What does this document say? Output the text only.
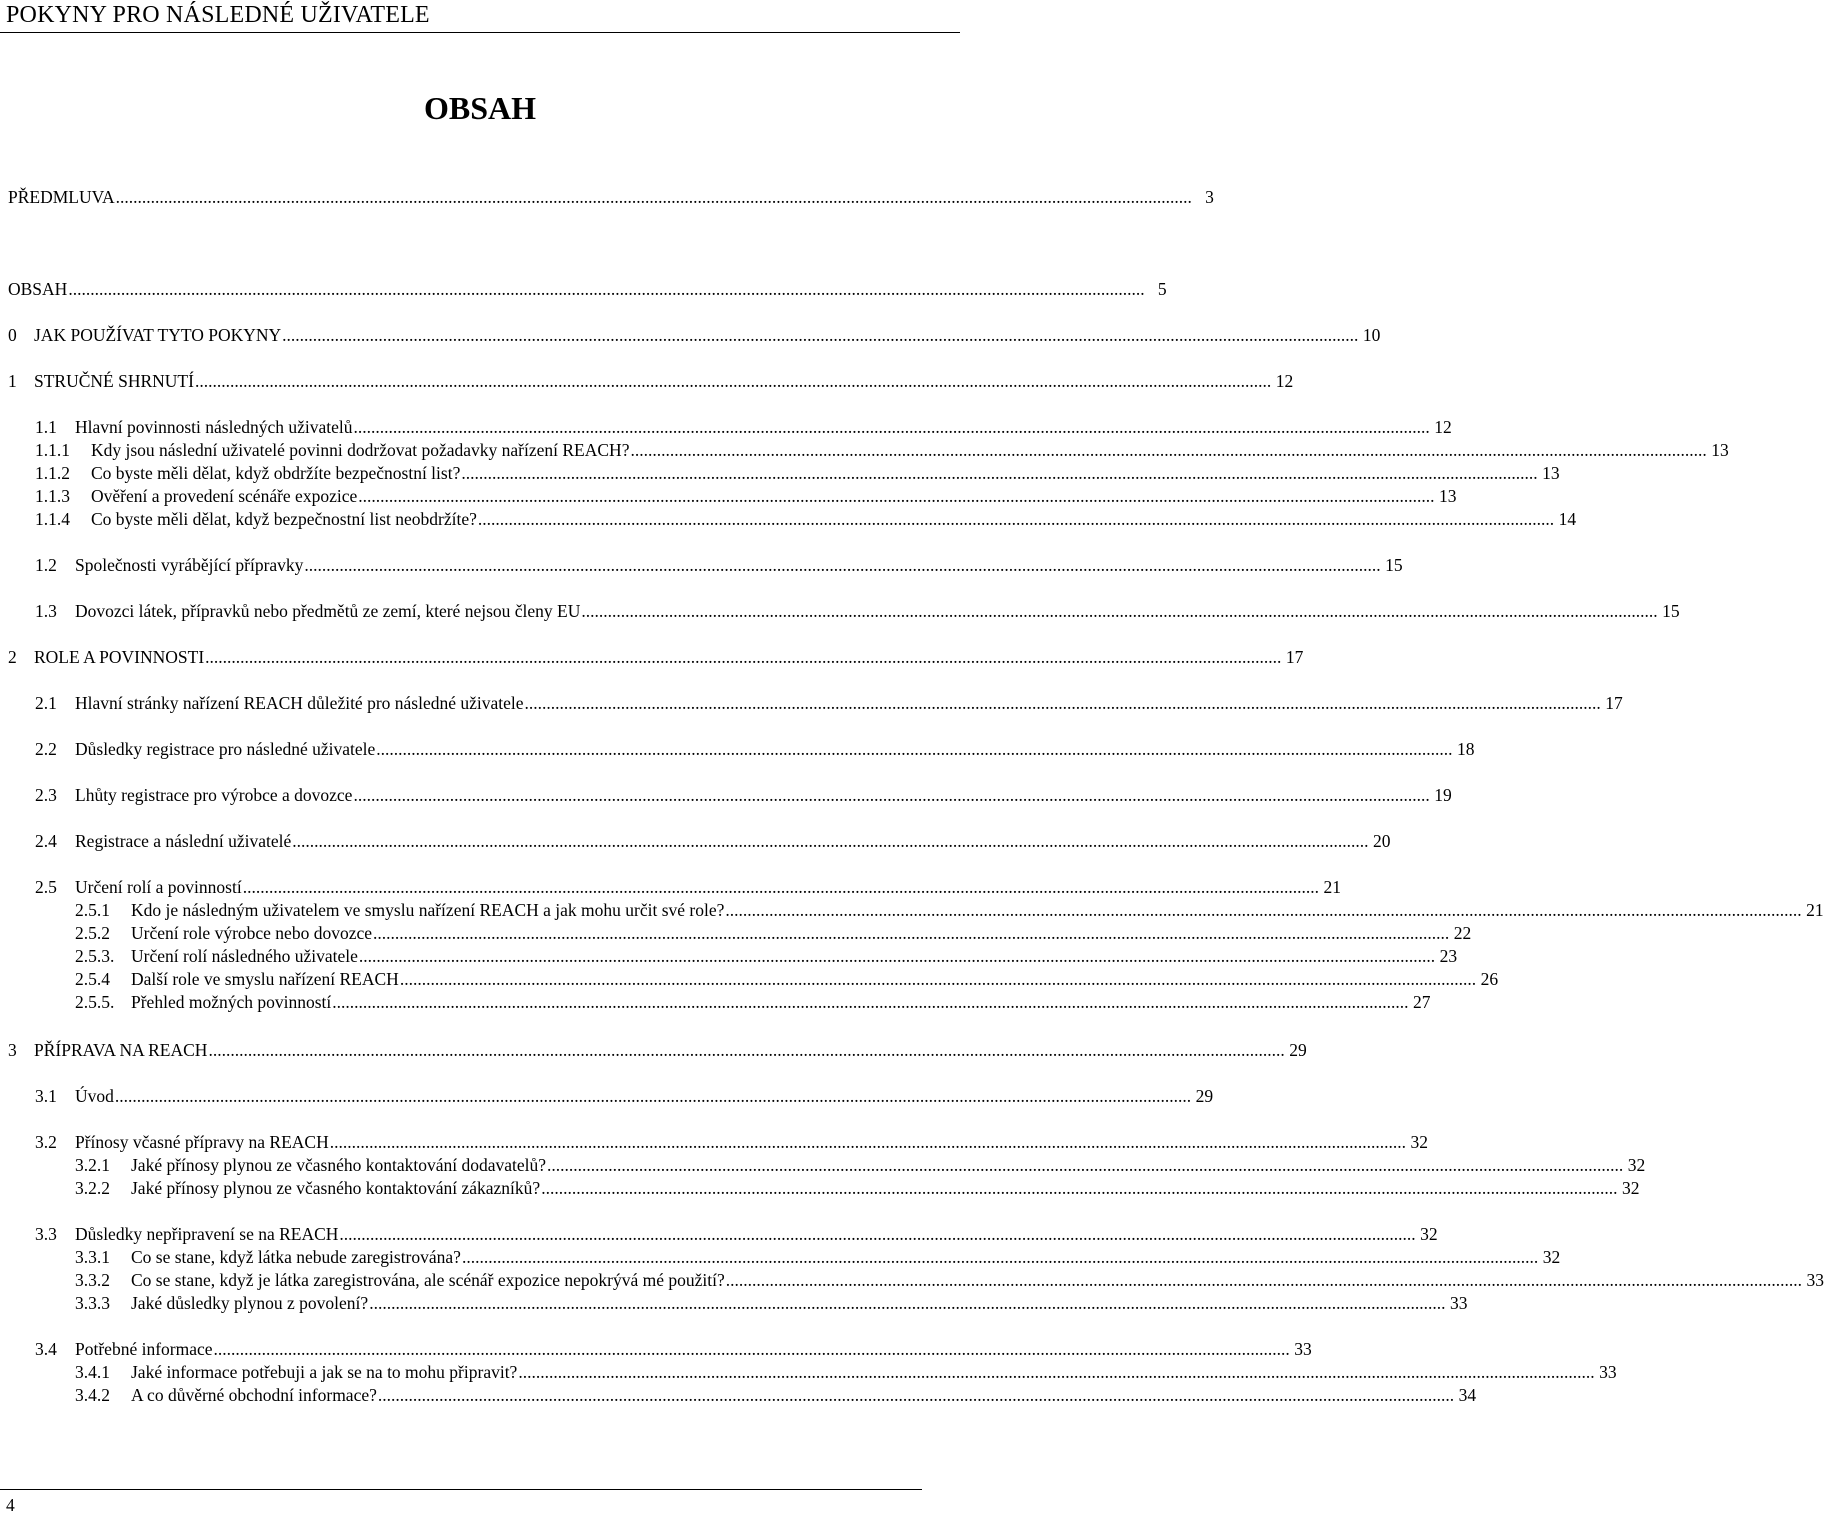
POKYNY PRO NÁSLEDNÉ UŽIVATELE
OBSAH
PŘEDMLUVA .....	3
OBSAH .....	5
0 JAK POUŽÍVAT TYTO POKYNY .....	10
1 STRUČNÉ SHRNUTÍ .....	12
1.1	Hlavní povinnosti následných uživatelů .....	12
1.1.1	Kdy jsou následní uživatelé povinni dodržovat požadavky nařízení REACH? .....	13
1.1.2	Co byste měli dělat, když obdržíte bezpečnostní list? .....	13
1.1.3	Ověření a provedení scénáře expozice .....	13
1.1.4	Co byste měli dělat, když bezpečnostní list neobdržíte? .....	14
1.2	Společnosti vyrábějící přípravky .....	15
1.3	Dovozci látek, přípravků nebo předmětů ze zemí, které nejsou členy EU .....	15
2 ROLE A POVINNOSTI .....	17
2.1	Hlavní stránky nařízení REACH důležité pro následné uživatele .....	17
2.2	Důsledky registrace pro následné uživatele .....	18
2.3	Lhůty registrace pro výrobce a dovozce .....	19
2.4	Registrace a následní uživatelé .....	20
2.5	Určení rolí a povinností .....	21
2.5.1	Kdo je následným uživatelem ve smyslu nařízení REACH a jak mohu určit své role? .....	21
2.5.2	Určení role výrobce nebo dovozce .....	22
2.5.3. Určení rolí následného uživatele .....	23
2.5.4	Další role ve smyslu nařízení REACH .....	26
2.5.5. Přehled možných povinností .....	27
3 PŘÍPRAVA NA REACH .....	29
3.1	Úvod .....	29
3.2	Přínosy včasné přípravy na REACH .....	32
3.2.1	Jaké přínosy plynou ze včasného kontaktování dodavatelů? .....	32
3.2.2	Jaké přínosy plynou ze včasného kontaktování zákazníků? .....	32
3.3	Důsledky nepřipravení se na REACH .....	32
3.3.1	Co se stane, když látka nebude zaregistrována? .....	32
3.3.2	Co se stane, když je látka zaregistrována, ale scénář expozice nepokrývá mé použití? .....	33
3.3.3	Jaké důsledky plynou z povolení? .....	33
3.4	Potřebné informace .....	33
3.4.1	Jaké informace potřebuji a jak se na to mohu připravit? .....	33
3.4.2	A co důvěrné obchodní informace? .....	34
4
